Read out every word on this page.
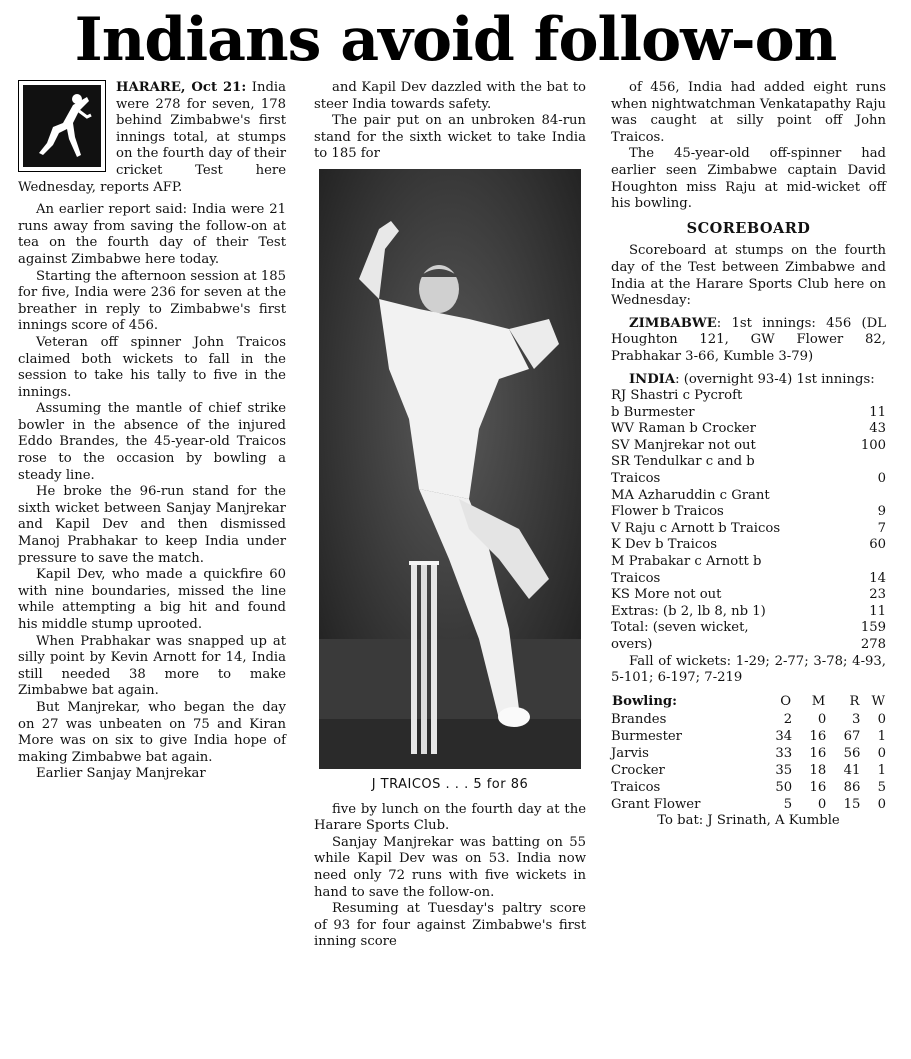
Indians avoid follow-on

HARARE, Oct 21: India were 278 for seven, 178 behind Zimbabwe's first innings total, at stumps on the fourth day of their cricket Test here Wednesday, reports AFP.

An earlier report said: India were 21 runs away from saving the follow-on at tea on the fourth day of their Test against Zimbabwe here today.

Starting the afternoon session at 185 for five, India were 236 for seven at the breather in reply to Zimbabwe's first innings score of 456.

Veteran off spinner John Traicos claimed both wickets to fall in the session to take his tally to five in the innings.

Assuming the mantle of chief strike bowler in the absence of the injured Eddo Brandes, the 45-year-old Traicos rose to the occasion by bowling a steady line.

He broke the 96-run stand for the sixth wicket between Sanjay Manjrekar and Kapil Dev and then dismissed Manoj Prabhakar to keep India under pressure to save the match.

Kapil Dev, who made a quickfire 60 with nine boundaries, missed the line while attempting a big hit and found his middle stump uprooted.

When Prabhakar was snapped up at silly point by Kevin Arnott for 14, India still needed 38 more to make Zimbabwe bat again.

But Manjrekar, who began the day on 27 was unbeaten on 75 and Kiran More was on six to give India hope of making Zimbabwe bat again.

Earlier Sanjay Manjrekar

and Kapil Dev dazzled with the bat to steer India towards safety.

The pair put on an unbroken 84-run stand for the sixth wicket to take India to 185 for

J TRAICOS . . . 5 for 86

five by lunch on the fourth day at the Harare Sports Club.

Sanjay Manjrekar was batting on 55 while Kapil Dev was on 53. India now need only 72 runs with five wickets in hand to save the follow-on.

Resuming at Tuesday's paltry score of 93 for four against Zimbabwe's first inning score

of 456, India had added eight runs when nightwatchman Venkatapathy Raju was caught at silly point off John Traicos.

The 45-year-old off-spinner had earlier seen Zimbabwe captain David Houghton miss Raju at mid-wicket off his bowling.

SCOREBOARD

Scoreboard at stumps on the fourth day of the Test between Zimbabwe and India at the Harare Sports Club here on Wednesday:

ZIMBABWE: 1st innings: 456 (DL Houghton 121, GW Flower 82, Prabhakar 3-66, Kumble 3-79)

INDIA: (overnight 93-4) 1st innings:

RJ Shastri c Pycroft
b Burmester	11
WV Raman b Crocker	43
SV Manjrekar not out	100
SR Tendulkar c and b
Traicos	0
MA Azharuddin c Grant
Flower b Traicos	9
V Raju c Arnott b Traicos	7
K Dev b Traicos	60
M Prabakar c Arnott b
Traicos	14
KS More not out	23
Extras: (b 2, lb 8, nb 1)	11
Total: (seven wicket,	159
overs)	278

Fall of wickets: 1-29; 2-77; 3-78; 4-93, 5-101; 6-197; 7-219

Bowling:	O	M	R	W
Brandes	2	0	3	0
Burmester	34	16	67	1
Jarvis	33	16	56	0
Crocker	35	18	41	1
Traicos	50	16	86	5
Grant Flower	5	0	15	0

To bat: J Srinath, A Kumble
